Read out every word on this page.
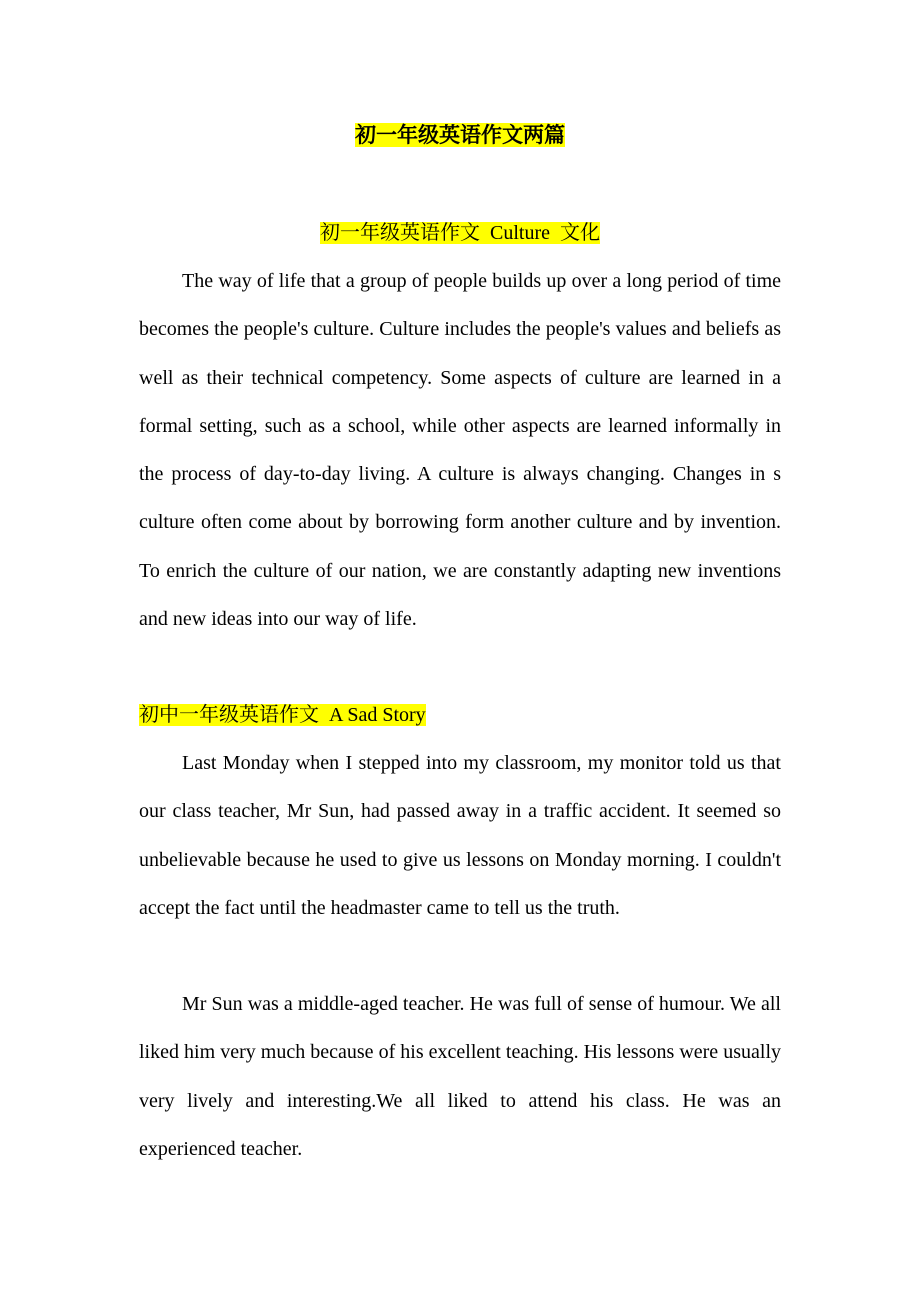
初一年级英语作文两篇
初一年级英语作文  Culture  文化

The way of life that a group of people builds up over a long period of time becomes the people's culture. Culture includes the people's values and beliefs as well as their technical competency. Some aspects of culture are learned in a formal setting, such as a school, while other aspects are learned informally in the process of day-to-day living. A culture is always changing. Changes in s culture often come about by borrowing form another culture and by invention. To enrich the culture of our nation, we are constantly adapting new inventions and new ideas into our way of life.

初中一年级英语作文  A Sad Story

Last Monday when I stepped into my classroom, my monitor told us that our class teacher, Mr Sun, had passed away in a traffic accident. It seemed so unbelievable because he used to give us lessons on Monday morning. I couldn't accept the fact until the headmaster came to tell us the truth.

Mr Sun was a middle-aged teacher. He was full of sense of humour. We all liked him very much because of his excellent teaching. His lessons were usually very lively and interesting.We all liked to attend his class. He was an experienced teacher.
